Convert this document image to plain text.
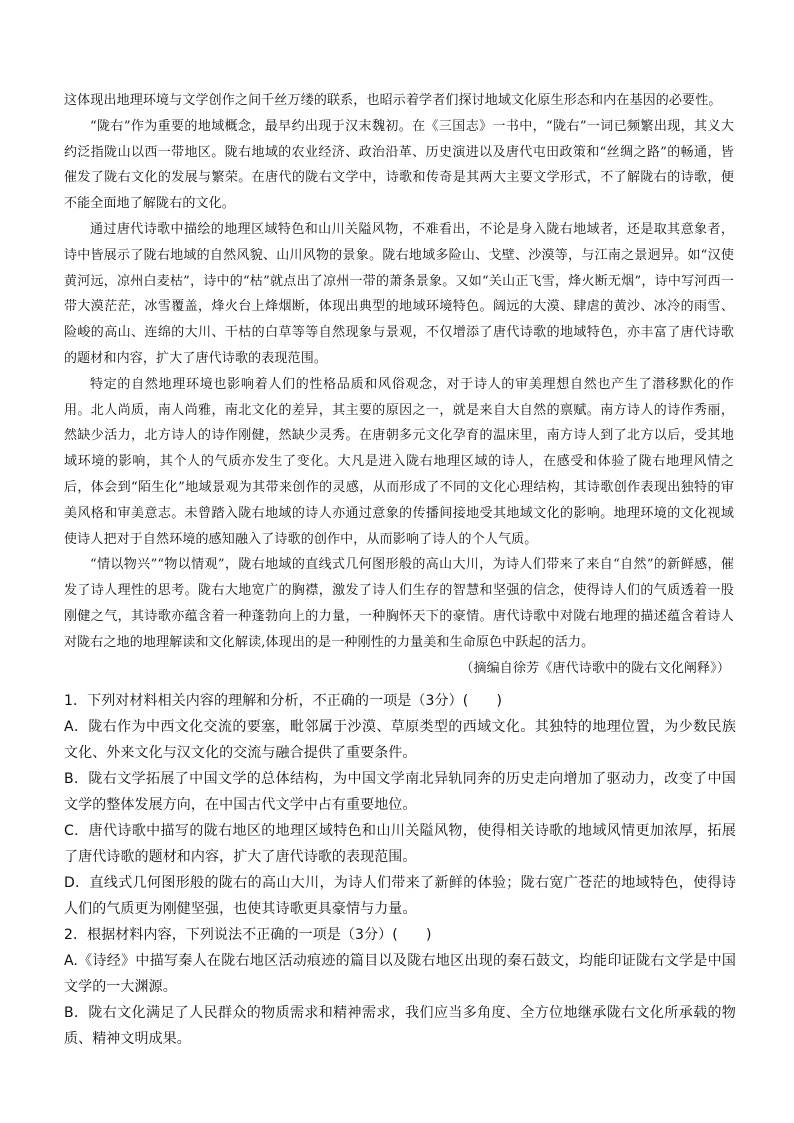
这体现出地理环境与文学创作之间千丝万缕的联系，也昭示着学者们探讨地域文化原生形态和内在基因的必要性。

“陇右”作为重要的地域概念，最早约出现于汉末魏初。在《三国志》一书中，“陇右”一词已频繁出现，其义大约泛指陇山以西一带地区。陇右地域的农业经济、政治沿革、历史演进以及唐代屯田政策和“丝绸之路”的畅通，皆催发了陇右文化的发展与繁荣。在唐代的陇右文学中，诗歌和传奇是其两大主要文学形式，不了解陇右的诗歌，便不能全面地了解陇右的文化。

通过唐代诗歌中描绘的地理区域特色和山川关隘风物，不难看出，不论是身入陇右地域者，还是取其意象者，诗中皆展示了陇右地域的自然风貌、山川风物的景象。陇右地域多险山、戈壁、沙漠等，与江南之景迥异。如“汉使黄河远，凉州白麦枯”，诗中的“枯”就点出了凉州一带的萧条景象。又如“关山正飞雪，烽火断无烟”，诗中写河西一带大漠茫茫，冰雪覆盖，烽火台上烽烟断，体现出典型的地域环境特色。阔远的大漠、肆虐的黄沙、冰冷的雨雪、险峻的高山、连绵的大川、干枯的白草等等自然现象与景观，不仅增添了唐代诗歌的地域特色，亦丰富了唐代诗歌的题材和内容，扩大了唐代诗歌的表现范围。

特定的自然地理环境也影响着人们的性格品质和风俗观念，对于诗人的审美理想自然也产生了潜移默化的作用。北人尚质，南人尚雅，南北文化的差异，其主要的原因之一，就是来自大自然的禀赋。南方诗人的诗作秀丽，然缺少活力，北方诗人的诗作刚健，然缺少灵秀。在唐朝多元文化孕育的温床里，南方诗人到了北方以后，受其地域环境的影响，其个人的气质亦发生了变化。大凡是进入陇右地理区域的诗人，在感受和体验了陇右地理风情之后，体会到“陌生化”地域景观为其带来创作的灵感，从而形成了不同的文化心理结构，其诗歌创作表现出独特的审美风格和审美意志。未曾踏入陇右地域的诗人亦通过意象的传播间接地受其地域文化的影响。地理环境的文化视域使诗人把对于自然环境的感知融入了诗歌的创作中，从而影响了诗人的个人气质。

“情以物兴”“物以情观”，陇右地域的直线式几何图形般的高山大川，为诗人们带来了来自“自然”的新鲜感，催发了诗人理性的思考。陇右大地宽广的胸襟，激发了诗人们生存的智慧和坚强的信念，使得诗人们的气质透着一股刚健之气，其诗歌亦蕴含着一种蓬勃向上的力量，一种胸怀天下的豪情。唐代诗歌中对陇右地理的描述蕴含着诗人对陇右之地的地理解读和文化解读,体现出的是一种刚性的力量美和生命原色中跃起的活力。

（摘编自徐芳《唐代诗歌中的陇右文化阐释》）

1．下列对材料相关内容的理解和分析，不正确的一项是（3分）(　　)

A．陇右作为中西文化交流的要塞，毗邻属于沙漠、草原类型的西域文化。其独特的地理位置，为少数民族文化、外来文化与汉文化的交流与融合提供了重要条件。

B．陇右文学拓展了中国文学的总体结构，为中国文学南北异轨同奔的历史走向增加了驱动力，改变了中国文学的整体发展方向，在中国古代文学中占有重要地位。

C．唐代诗歌中描写的陇右地区的地理区域特色和山川关隘风物，使得相关诗歌的地域风情更加浓厚，拓展了唐代诗歌的题材和内容，扩大了唐代诗歌的表现范围。

D．直线式几何图形般的陇右的高山大川，为诗人们带来了新鲜的体验；陇右宽广苍茫的地域特色，使得诗人们的气质更为刚健坚强，也使其诗歌更具豪情与力量。

2．根据材料内容，下列说法不正确的一项是（3分）(　　)

A.《诗经》中描写秦人在陇右地区活动痕迹的篇目以及陇右地区出现的秦石鼓文，均能印证陇右文学是中国文学的一大渊源。

B．陇右文化满足了人民群众的物质需求和精神需求，我们应当多角度、全方位地继承陇右文化所承载的物质、精神文明成果。
